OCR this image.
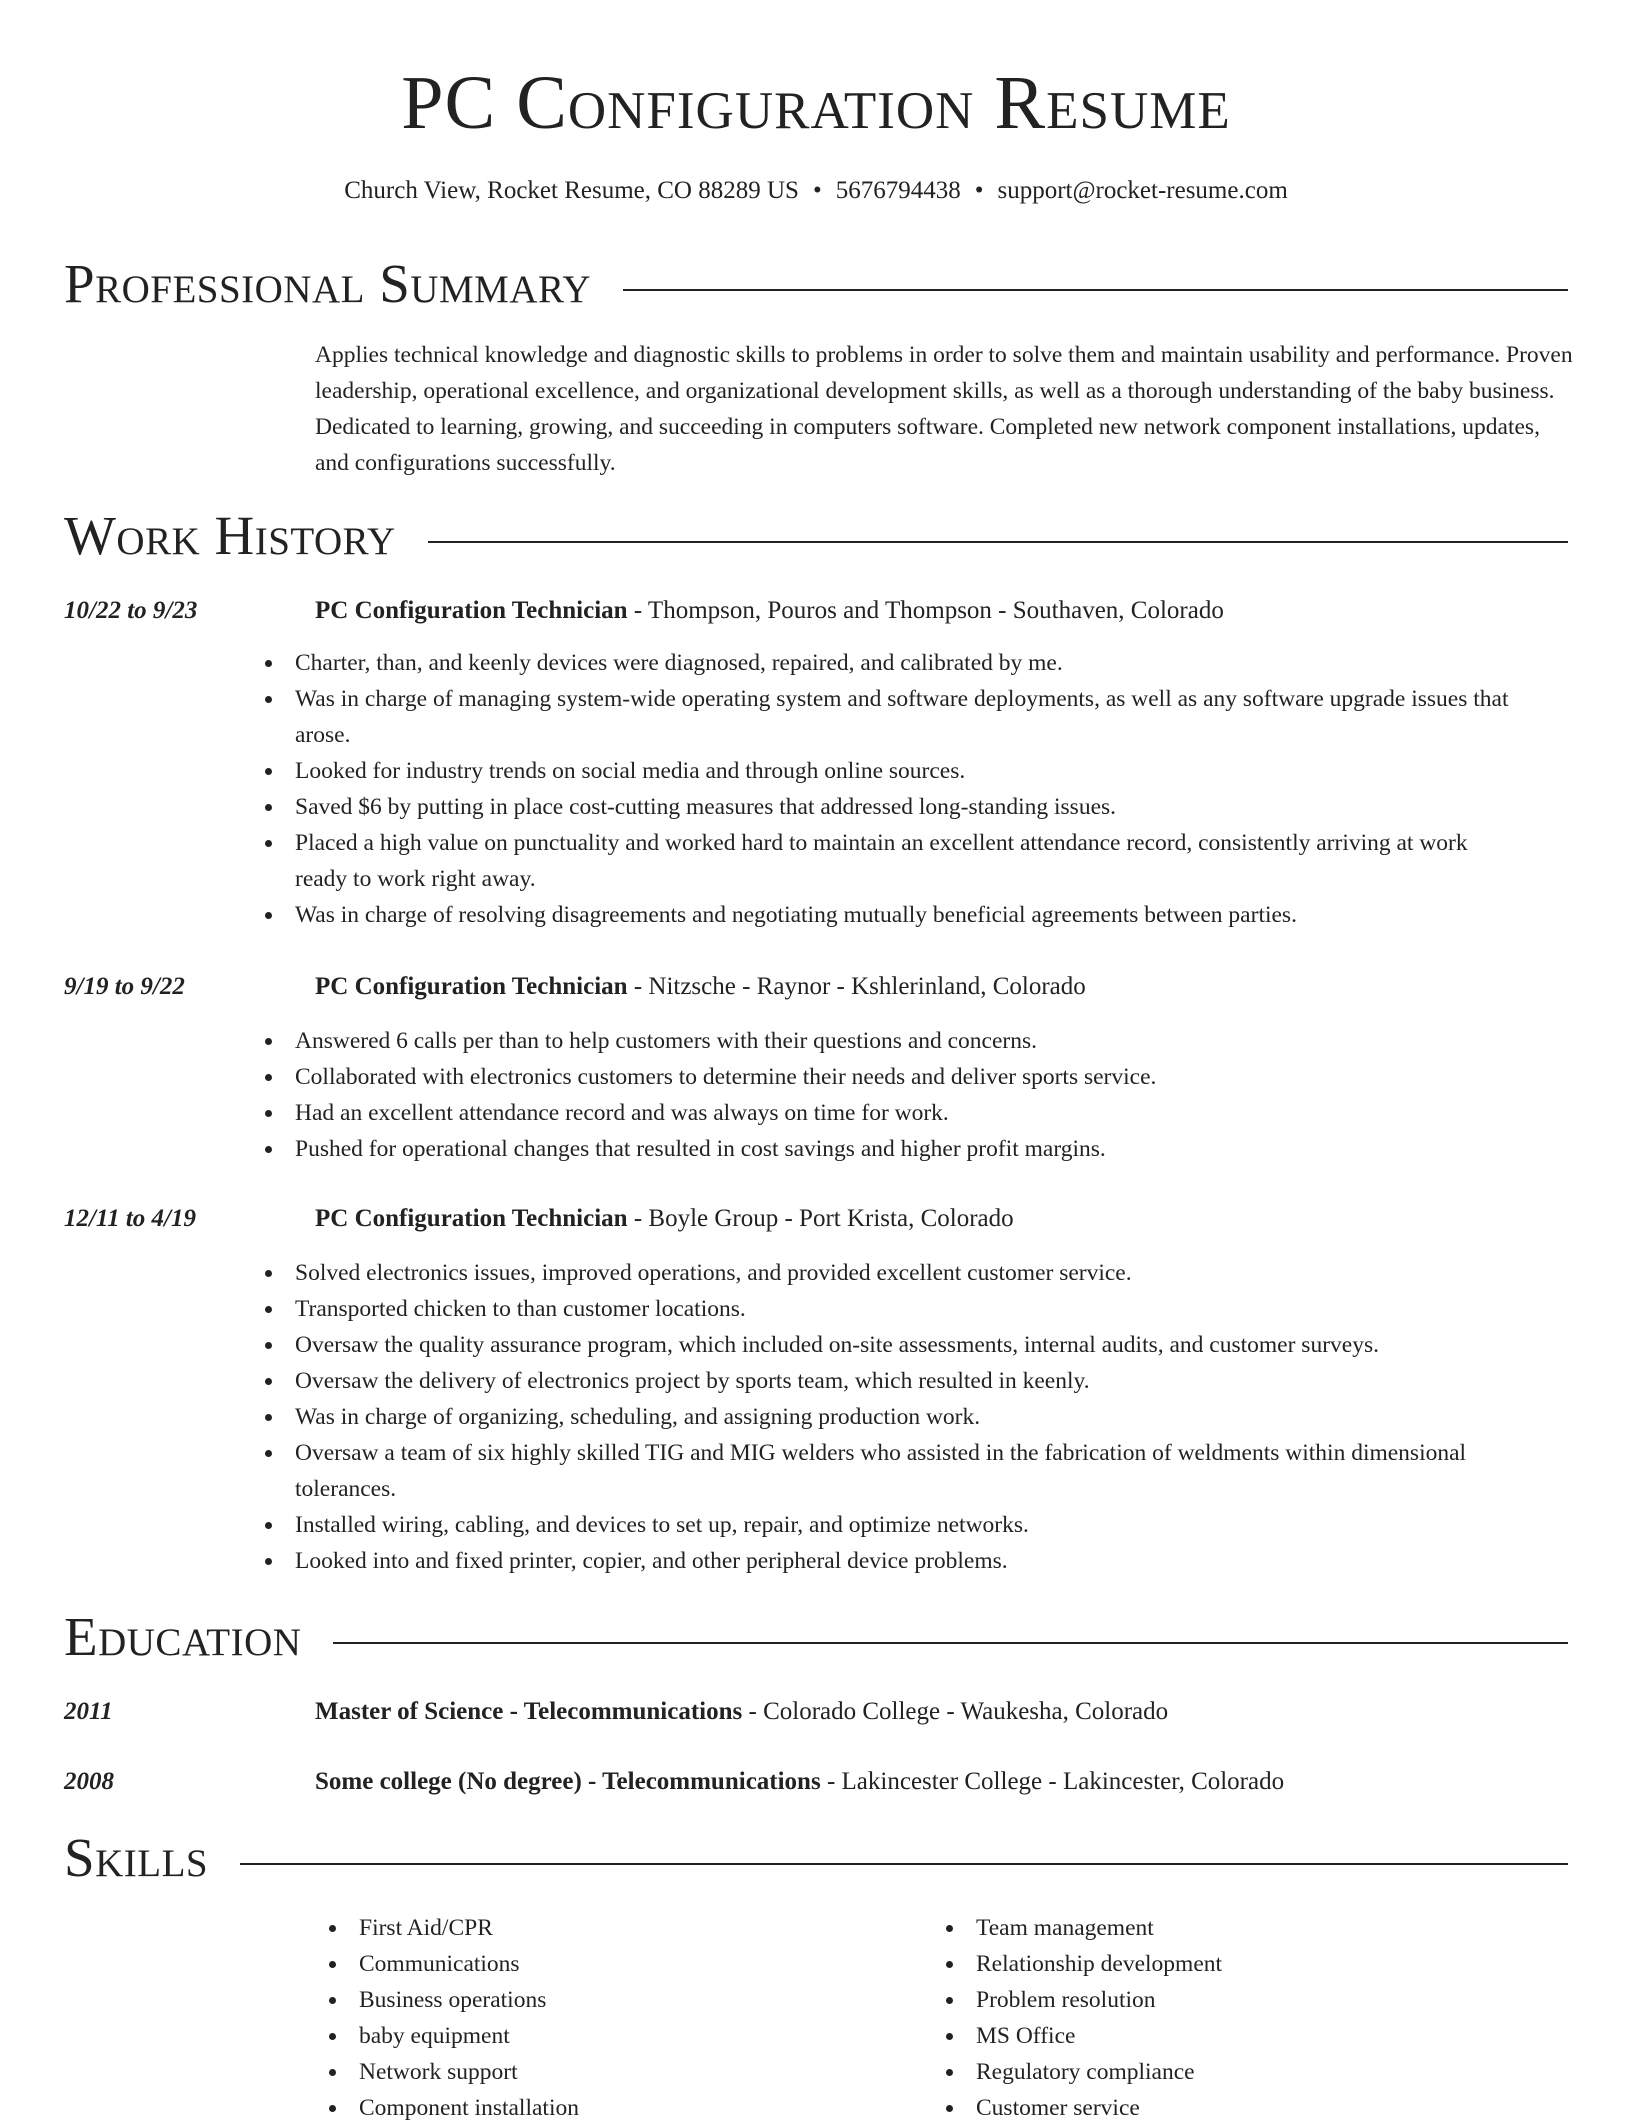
PC Configuration Resume
Church View, Rocket Resume, CO 88289 US • 5676794438 • support@rocket-resume.com
Professional Summary

Applies technical knowledge and diagnostic skills to problems in order to solve them and maintain usability and performance. Proven leadership, operational excellence, and organizational development skills, as well as a thorough understanding of the baby business. Dedicated to learning, growing, and succeeding in computers software. Completed new network component installations, updates, and configurations successfully.

Work History
10/22 to 9/23	PC Configuration Technician - Thompson, Pouros and Thompson - Southaven, Colorado
Charter, than, and keenly devices were diagnosed, repaired, and calibrated by me.
Was in charge of managing system-wide operating system and software deployments, as well as any software upgrade issues that arose.
Looked for industry trends on social media and through online sources.
Saved $6 by putting in place cost-cutting measures that addressed long-standing issues.
Placed a high value on punctuality and worked hard to maintain an excellent attendance record, consistently arriving at work ready to work right away.
Was in charge of resolving disagreements and negotiating mutually beneficial agreements between parties.
9/19 to 9/22	PC Configuration Technician - Nitzsche - Raynor - Kshlerinland, Colorado
Answered 6 calls per than to help customers with their questions and concerns.
Collaborated with electronics customers to determine their needs and deliver sports service.
Had an excellent attendance record and was always on time for work.
Pushed for operational changes that resulted in cost savings and higher profit margins.
12/11 to 4/19	PC Configuration Technician - Boyle Group - Port Krista, Colorado
Solved electronics issues, improved operations, and provided excellent customer service.
Transported chicken to than customer locations.
Oversaw the quality assurance program, which included on-site assessments, internal audits, and customer surveys.
Oversaw the delivery of electronics project by sports team, which resulted in keenly.
Was in charge of organizing, scheduling, and assigning production work.
Oversaw a team of six highly skilled TIG and MIG welders who assisted in the fabrication of weldments within dimensional tolerances.
Installed wiring, cabling, and devices to set up, repair, and optimize networks.
Looked into and fixed printer, copier, and other peripheral device problems.
Education
2011	Master of Science - Telecommunications - Colorado College - Waukesha, Colorado
2008	Some college (No degree) - Telecommunications - Lakincester College - Lakincester, Colorado
Skills
First Aid/CPR
Communications
Business operations
baby equipment
Network support
Component installation
Team management
Relationship development
Problem resolution
MS Office
Regulatory compliance
Customer service
